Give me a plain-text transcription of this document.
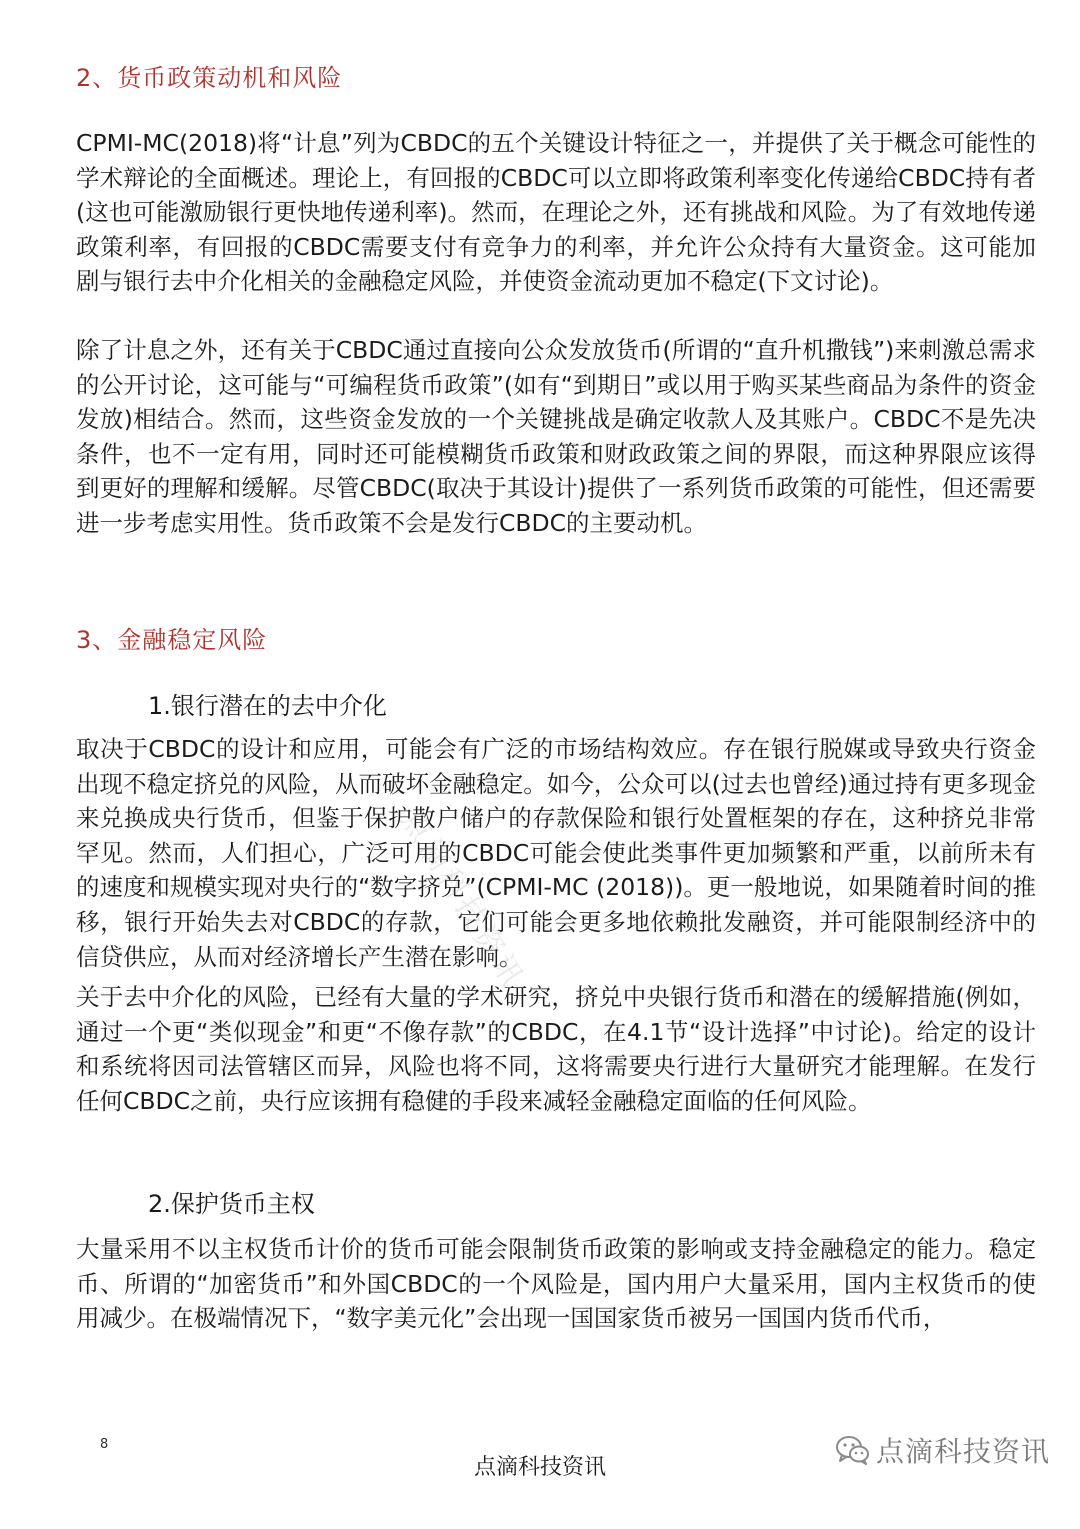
2、货币政策动机和风险

CPMI-MC(2018)将“计息”列为CBDC的五个关键设计特征之一，并提供了关于概念可能性的学术辩论的全面概述。理论上，有回报的CBDC可以立即将政策利率变化传递给CBDC持有者(这也可能激励银行更快地传递利率)。然而，在理论之外，还有挑战和风险。为了有效地传递政策利率，有回报的CBDC需要支付有竞争力的利率，并允许公众持有大量资金。这可能加剧与银行去中介化相关的金融稳定风险，并使资金流动更加不稳定(下文讨论)。

除了计息之外，还有关于CBDC通过直接向公众发放货币(所谓的“直升机撒钱”)来刺激总需求的公开讨论，这可能与“可编程货币政策”(如有“到期日”或以用于购买某些商品为条件的资金发放)相结合。然而，这些资金发放的一个关键挑战是确定收款人及其账户。CBDC不是先决条件，也不一定有用，同时还可能模糊货币政策和财政政策之间的界限，而这种界限应该得到更好的理解和缓解。尽管CBDC(取决于其设计)提供了一系列货币政策的可能性，但还需要进一步考虑实用性。货币政策不会是发行CBDC的主要动机。

3、金融稳定风险
1.银行潜在的去中介化

取决于CBDC的设计和应用，可能会有广泛的市场结构效应。存在银行脱媒或导致央行资金出现不稳定挤兑的风险，从而破坏金融稳定。如今，公众可以(过去也曾经)通过持有更多现金来兑换成央行货币，但鉴于保护散户储户的存款保险和银行处置框架的存在，这种挤兑非常罕见。然而，人们担心，广泛可用的CBDC可能会使此类事件更加频繁和严重，以前所未有的速度和规模实现对央行的“数字挤兑”(CPMI-MC (2018))。更一般地说，如果随着时间的推移，银行开始失去对CBDC的存款，它们可能会更多地依赖批发融资，并可能限制经济中的信贷供应，从而对经济增长产生潜在影响。

关于去中介化的风险，已经有大量的学术研究，挤兑中央银行货币和潜在的缓解措施(例如，通过一个更“类似现金”和更“不像存款”的CBDC，在4.1节“设计选择”中讨论)。给定的设计和系统将因司法管辖区而异，风险也将不同，这将需要央行进行大量研究才能理解。在发行任何CBDC之前，央行应该拥有稳健的手段来减轻金融稳定面临的任何风险。

2.保护货币主权

大量采用不以主权货币计价的货币可能会限制货币政策的影响或支持金融稳定的能力。稳定币、所谓的“加密货币”和外国CBDC的一个风险是，国内用户大量采用，国内主权货币的使用减少。在极端情况下，“数字美元化”会出现一国国家货币被另一国国内货币代币，

点滴科技资讯
8
点滴科技资讯	点滴科技资讯
